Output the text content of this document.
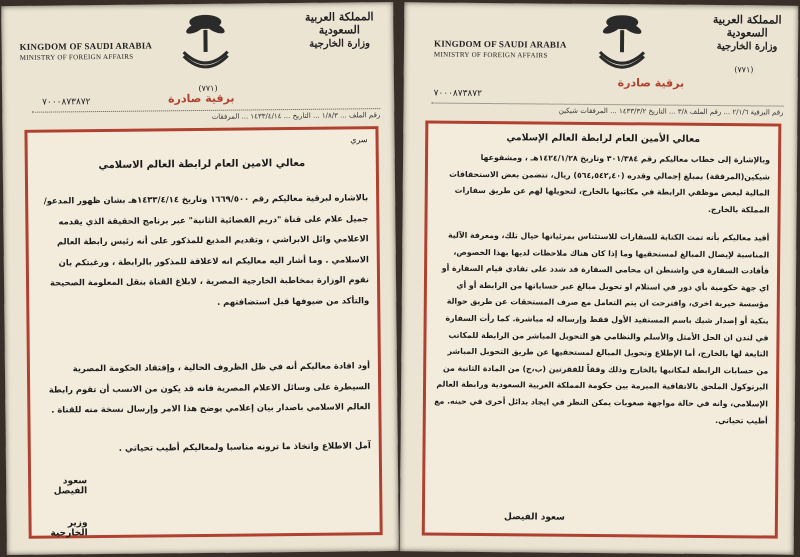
KINGDOM OF SAUDI ARABIA
MINISTRY OF FOREIGN AFFAIRS
المملكة العربية السعودية
وزارة الخارجية
(٧٧١)
برقية صادرة
٧٠٠٠٨٧٣٨٧٢
رقم الملف ... ١/٨/٣ ... التاريخ ... ١٤٣٣/٤/١٤ ... المرفقات
سري
معالي الامين العام لرابطة العالم الاسلامي

بالاشاره لبرقية معاليكم رقم ١٦٦٩/٥٠٠ وتاريخ ١٤٣٣/٤/١٤هـ بشان ظهور المدعو/جميل علام على قناة "دريم الفضائية الثانية" عبر برنامج الحقيقة الذي يقدمه الاعلامي وائل الابراشي ، وتقديم المذيع للمذكور على أنه رئيس رابطة العالم الاسلامي . وما أشار اليه معاليكم انه لاعلاقة للمذكور بالرابطة ، ورغبتكم بان نقوم الوزارة بمخاطبة الخارجية المصرية ، لابلاغ القناة بنقل المعلومة الصحيحة والتأكد من ضيوفها قبل استضافتهم .

أود افادة معاليكم أنه في ظل الظروف الحالية ، وإفتقاد الحكومة المصرية السيطرة على وسائل الاعلام المصرية فانه قد يكون من الانسب أن تقوم رابطة العالم الاسلامي باصدار بيان إعلامي يوضح هذا الامر وإرسال نسخة منه للقناة .

آمل الاطلاع واتخاذ ما ترونه مناسبا ولمعاليكم أطيب تحياتي .

سعود الفيصل
وزير الخارجية
KINGDOM OF SAUDI ARABIA
MINISTRY OF FOREIGN AFFAIRS
المملكة العربية السعودية
وزارة الخارجية
(٧٧١)
برقية صادرة
٧٠٠٠٨٧٣٨٧٢
رقم البرقية ٢/١/٦ ... رقم الملف ٣/٨ ... التاريخ ١٤٣٣/٣/٢ ... المرفقات شيكين
معالي الأمين العام لرابطة العالم الإسلامي

وبالإشارة إلى خطاب معاليكم رقم ٣٠١/٣٨٤ وتاريخ ١٤٢٤/١/٢٨هـ ، ومشفوعها شيكين(المرفقة) بمبلغ إجمالي وقدره (٥٦٤,٥٤٢,٤٠) ريال، تتضمن بعض الاستحقاقات المالية لبعض موظفي الرابطة في مكاتبها بالخارج، لتحويلها لهم عن طريق سفارات المملكة بالخارج.

أفيد معاليكم بأنه تمت الكتابة للسفارات للاستئناس بمرئياتها حيال تلك، ومعرفة الآلية المناسبة لإيصال المبالغ لمستحقيها وما إذا كان هناك ملاحظات لديها بهذا الخصوص، فأفادت السفارة في واشنطن ان محامي السفارة قد شدد على تفادي قيام السفارة أو اي جهة حكومية بأي دور في استلام او تحويل مبالغ عبر حساباتها من الرابطة أو أي مؤسسة خيرية اخرى، واقترحت ان يتم التعامل مع صرف المستحقات عن طريق حوالة بنكية أو إصدار شيك باسم المستفيد الأول فقط وإرساله له مباشرة. كما رأت السفارة في لندن ان الحل الأمثل والأسلم والنظامي هو التحويل المباشر من الرابطة للمكاتب التابعة لها بالخارج، أما الإطلاع وتحويل المبالغ لمستحقيها عن طريق التحويل المباشر من حسابات الرابطة لمكاتبها بالخارج وذلك وفقاً للفقرتين (ب،ج) من المادة الثانية من البرتوكول الملحق بالاتفاقية المبرمة بين حكومة المملكة العربية السعودية ورابطة العالم الإسلامي، وانه في حالة مواجهة صعوبات يمكن النظر في ايجاد بدائل أخرى في حينه. مع أطيب تحياتي.

سعود الفيصل
